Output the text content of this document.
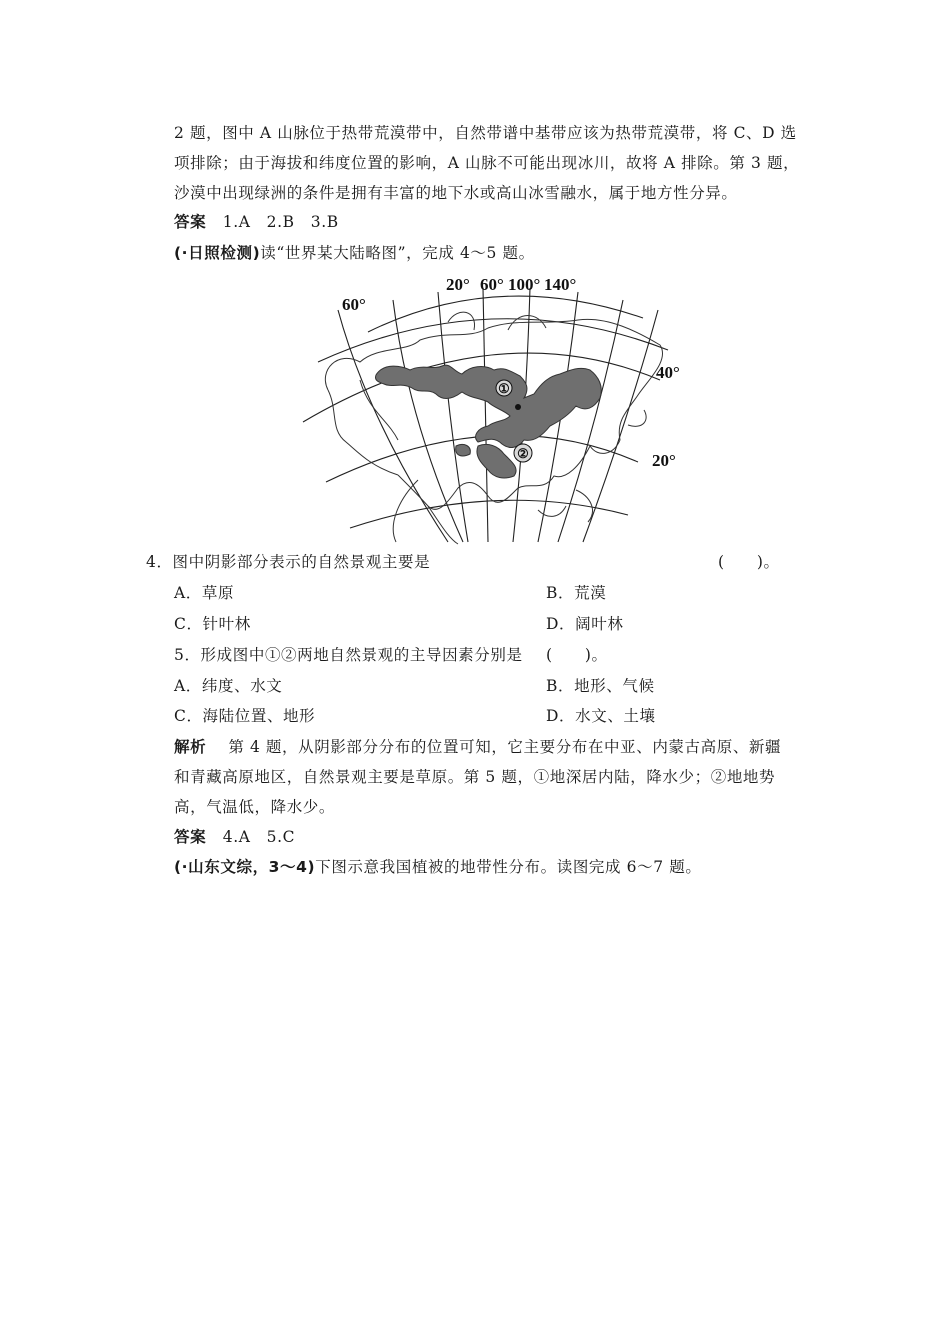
2 题，图中 A 山脉位于热带荒漠带中，自然带谱中基带应该为热带荒漠带，将 C、D 选
项排除；由于海拔和纬度位置的影响，A 山脉不可能出现冰川，故将 A 排除。第 3 题，
沙漠中出现绿洲的条件是拥有丰富的地下水或高山冰雪融水，属于地方性分异。
答案 1.A　2.B　3.B
(·日照检测)读“世界某大陆略图”，完成 4～5 题。
①
②
20° 60° 100° 140°
60°
40°
20°
4．图中阴影部分表示的自然景观主要是	(　　)。
A．草原	B．荒漠
C．针叶林	D．阔叶林
5．形成图中①②两地自然景观的主导因素分别是 (　　)。
A．纬度、水文	B．地形、气候
C．海陆位置、地形	D．水文、土壤
解析 第 4 题，从阴影部分分布的位置可知，它主要分布在中亚、内蒙古高原、新疆
和青藏高原地区，自然景观主要是草原。第 5 题，①地深居内陆，降水少；②地地势
高，气温低，降水少。
答案 4.A　5.C
(·山东文综，3～4)下图示意我国植被的地带性分布。读图完成 6～7 题。
